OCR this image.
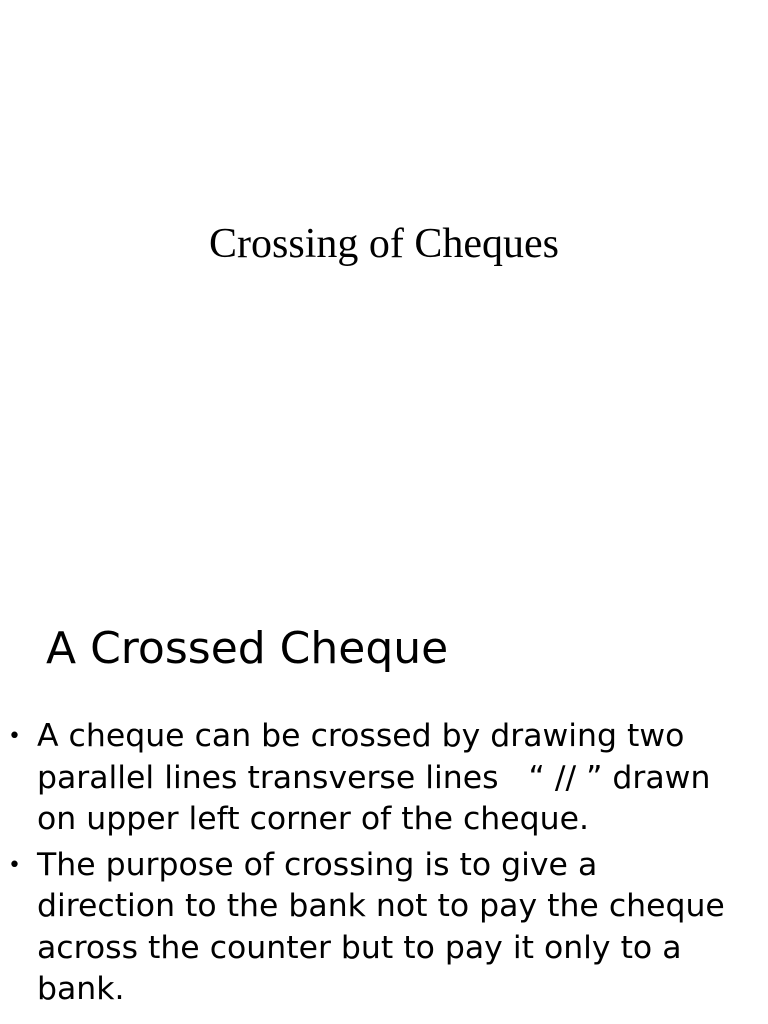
Crossing of Cheques
A Crossed Cheque
• A cheque can be crossed by drawing two parallel lines transverse lines   “ // ” drawn on upper left corner of the cheque.
• The purpose of crossing is to give a direction to the bank not to pay the cheque across the counter but to pay it only to a bank.
